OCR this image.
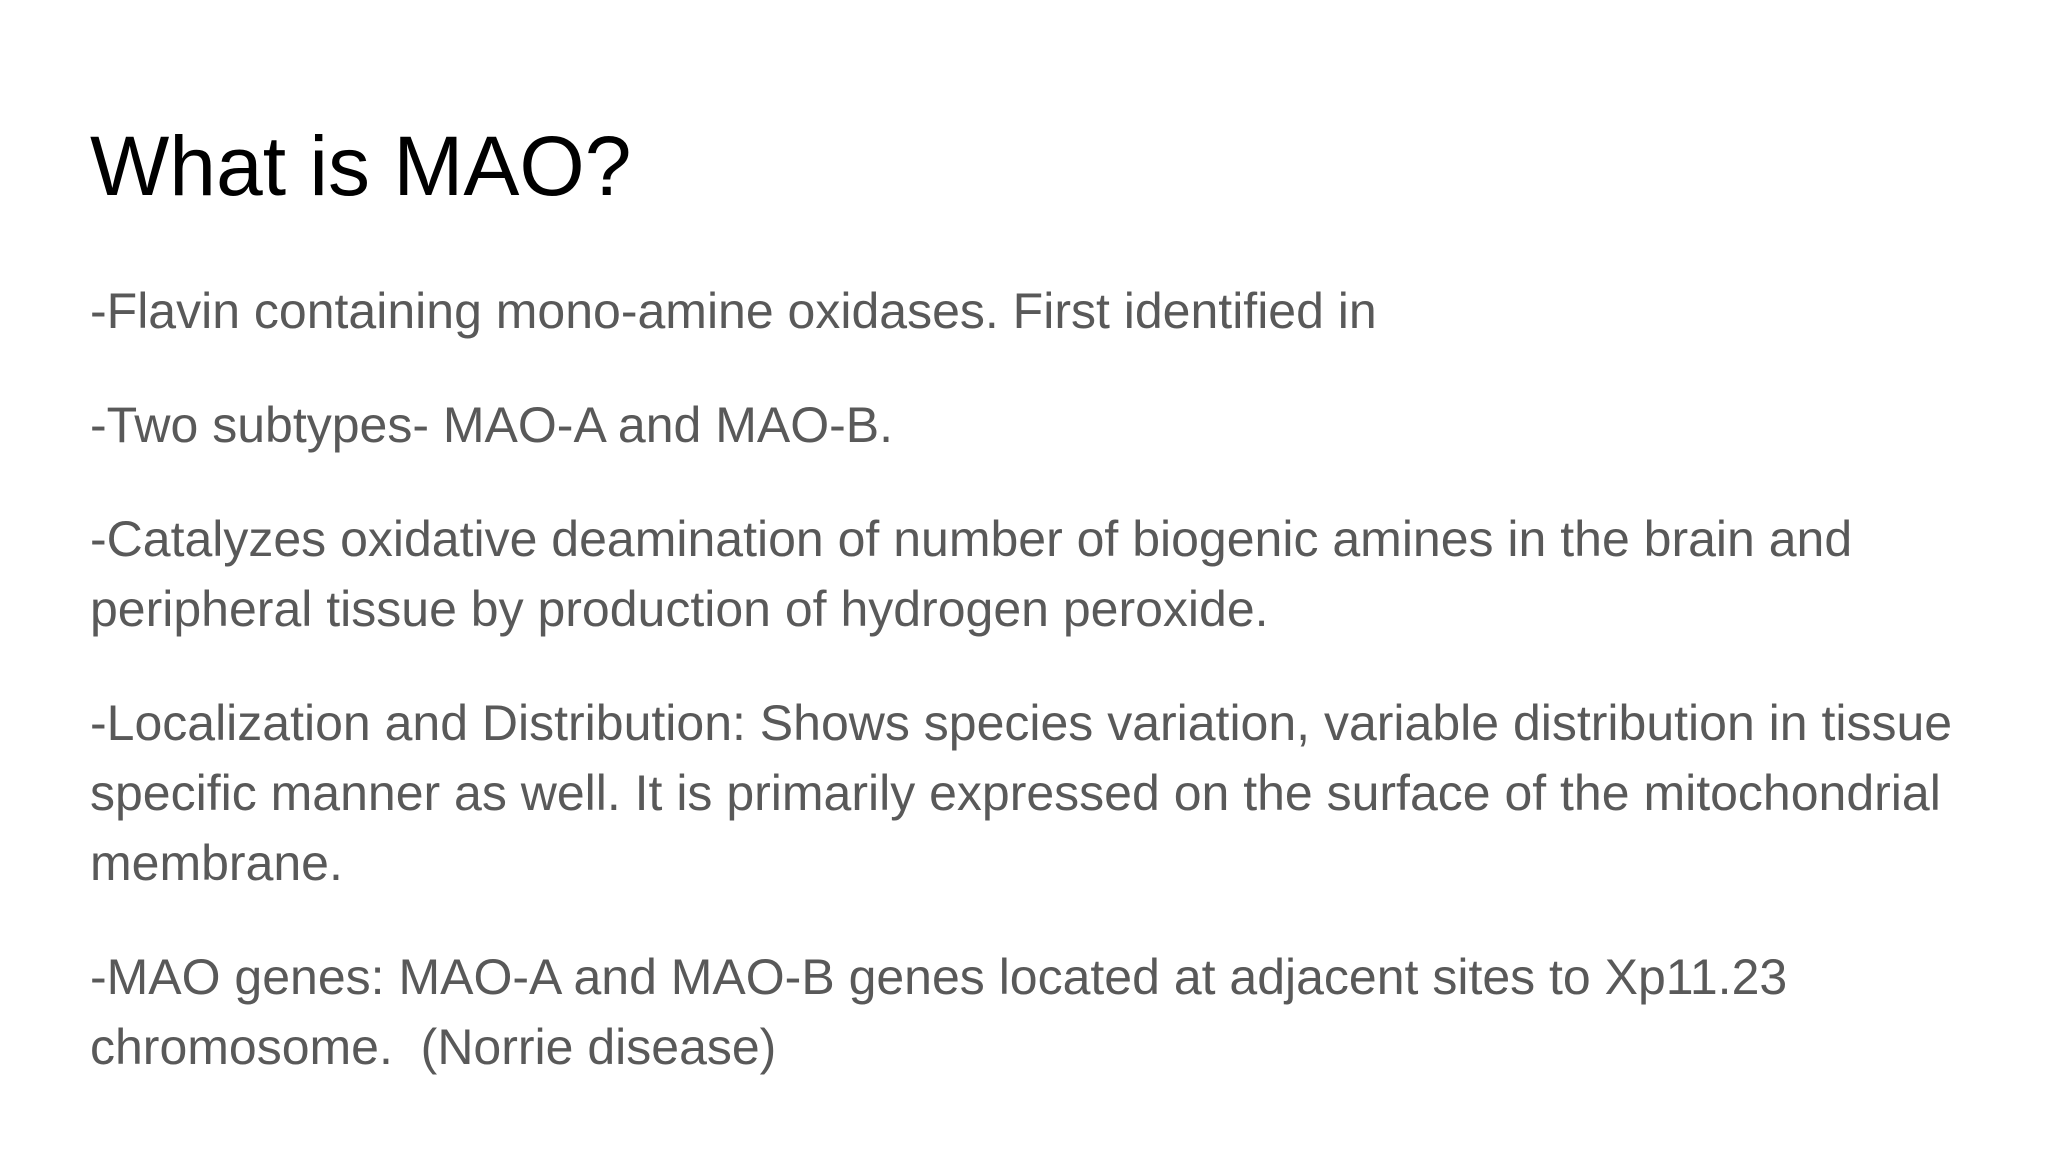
What is MAO?

-Flavin containing mono-amine oxidases. First identified in

-Two subtypes- MAO-A and MAO-B.

-Catalyzes oxidative deamination of number of biogenic amines in the brain and peripheral tissue by production of hydrogen peroxide.

-Localization and Distribution: Shows species variation, variable distribution in tissue specific manner as well. It is primarily expressed on the surface of the mitochondrial membrane.

-MAO genes: MAO-A and MAO-B genes located at adjacent sites to Xp11.23 chromosome.  (Norrie disease)
